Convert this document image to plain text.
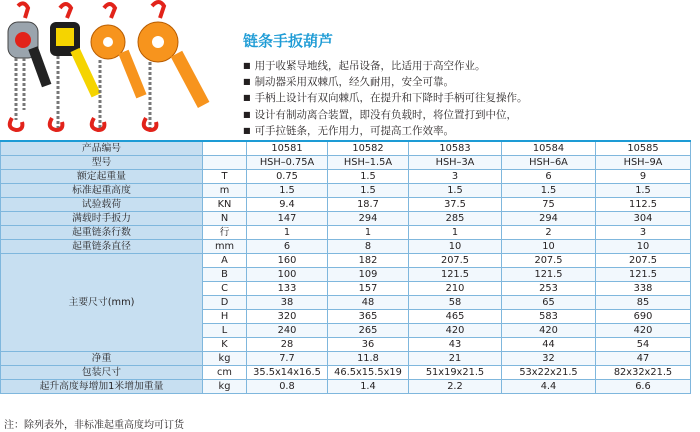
链条手扳葫芦
■ 用于收紧导地线，起吊设备，比适用于高空作业。
■ 制动器采用双棘爪，经久耐用，安全可靠。
■ 手柄上设计有双向棘爪，在提升和下降时手柄可往复操作。
■ 设计有制动离合装置，即没有负载时，将位置打到中位，
■ 可手拉链条，无作用力，可提高工作效率。
产品编号		10581	10582	10583	10584	10585
型号		HSH–0.75A	HSH–1.5A	HSH–3A	HSH–6A	HSH–9A
额定起重量	T	0.75	1.5	3	6	9
标准起重高度	m	1.5	1.5	1.5	1.5	1.5
试验载荷	KN	9.4	18.7	37.5	75	112.5
满载时手扳力	N	147	294	285	294	304
起重链条行数	行	1	1	1	2	3
起重链条直径	mm	6	8	10	10	10
主要尺寸(mm)	A	160	182	207.5	207.5	207.5
	B	100	109	121.5	121.5	121.5
	C	133	157	210	253	338
	D	38	48	58	65	85
	H	320	365	465	583	690
	L	240	265	420	420	420
	K	28	36	43	44	54
净重	kg	7.7	11.8	21	32	47
包装尺寸	cm	35.5x14x16.5	46.5x15.5x19	51x19x21.5	53x22x21.5	82x32x21.5
起升高度每增加1米增加重量	kg	0.8	1.4	2.2	4.4	6.6
注：除列表外，非标准起重高度均可订货
